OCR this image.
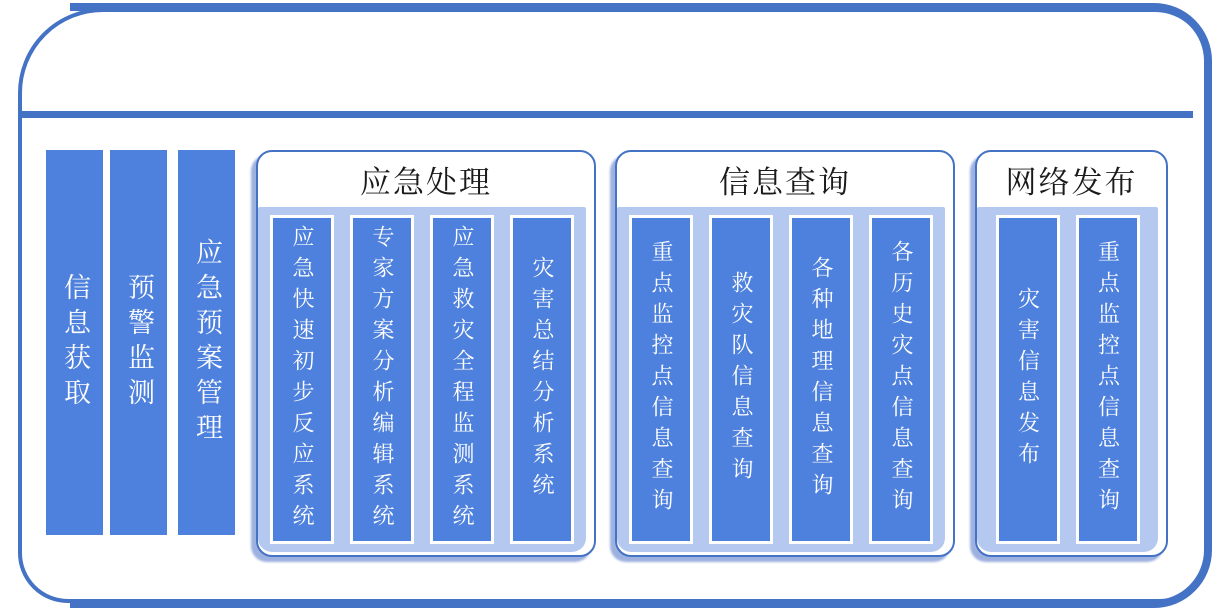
信息获取	预警监测	应急预案管理
应急处理
应急快速初步反应系统	专家方案分析编辑系统	应急救灾全程监测系统	灾害总结分析系统
信息查询
重点监控点信息查询	救灾队信息查询	各种地理信息查询	各历史灾点信息查询
网络发布
灾害信息发布	重点监控点信息查询
